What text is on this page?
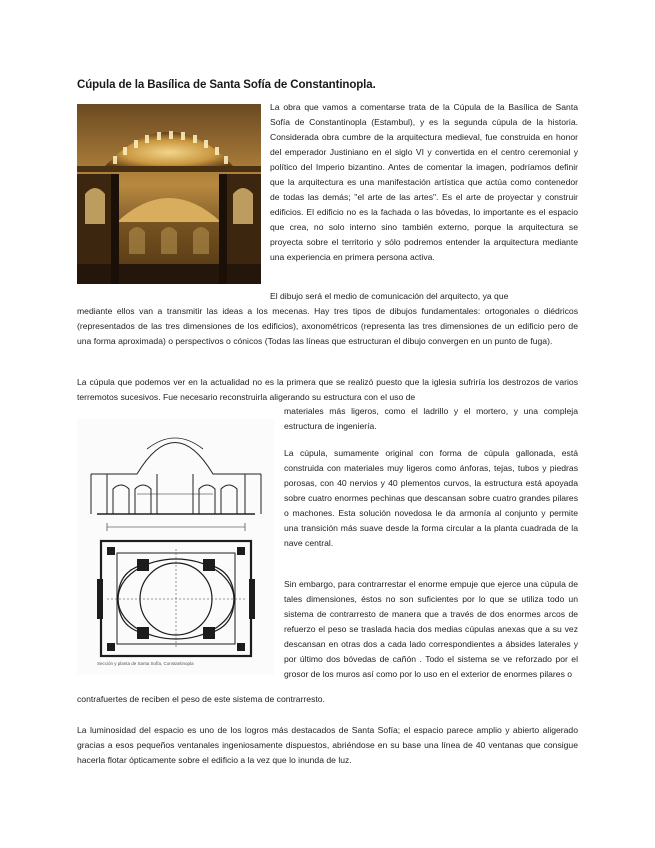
Cúpula de la Basílica de Santa Sofía de Constantinopla.

La obra que vamos a comentarse trata de la Cúpula de la Basílica de Santa Sofía de Constantinopla (Estambul), y es la segunda cúpula de la historia. Considerada obra cumbre de la arquitectura medieval, fue construida en honor del emperador Justiniano en el siglo VI y convertida en el centro ceremonial y político del Imperio bizantino. Antes de comentar la imagen, podríamos definir que la arquitectura es una manifestación artística que actúa como contenedor de todas las demás; "el arte de las artes". Es el arte de proyectar y construir edificios. El edificio no es la fachada o las bóvedas, lo importante es el espacio que crea, no solo interno sino también externo, porque la arquitectura se proyecta sobre el territorio y sólo podremos entender la arquitectura mediante una experiencia en primera persona activa.

El dibujo será el medio de comunicación del arquitecto, ya que

mediante ellos van a transmitir las ideas a los mecenas. Hay tres tipos de dibujos fundamentales: ortogonales o diédricos (representados de las tres dimensiones de los edificios), axonométricos (representa las tres dimensiones de un edificio pero de una forma aproximada) o perspectivos o cónicos (Todas las líneas que estructuran el dibujo convergen en un punto de fuga).

La cúpula que podemos ver en la actualidad no es la primera que se realizó puesto que la iglesia sufriría los destrozos de varios terremotos sucesivos. Fue necesario reconstruirla aligerando su estructura con el uso de

materiales más ligeros, como el ladrillo y el mortero, y una compleja estructura de ingeniería.

Sección y planta de Santa Sofía, Constantinopla

La cúpula, sumamente original con forma de cúpula gallonada, está construida con materiales muy ligeros como ánforas, tejas, tubos y piedras porosas, con 40 nervios y 40 plementos curvos, la estructura está apoyada sobre cuatro enormes pechinas que descansan sobre cuatro grandes pilares o machones. Esta solución novedosa le da armonía al conjunto y permite una transición más suave desde la forma circular a la planta cuadrada de la nave central.

Sin embargo, para contrarrestar el enorme empuje que ejerce una cúpula de tales dimensiones, éstos no son suficientes por lo que se utiliza todo un sistema de contrarresto de manera que a través de dos enormes arcos de refuerzo el peso se traslada hacia dos medias cúpulas anexas que a su vez descansan en otras dos a cada lado correspondientes a ábsides laterales y por último dos bóvedas de cañón . Todo el sistema se ve reforzado por el grosor de los muros así como por lo uso en el exterior de enormes pilares o

contrafuertes de reciben el peso de este sistema de contrarresto.

La luminosidad del espacio es uno de los logros más destacados de Santa Sofía; el espacio parece amplio y abierto aligerado gracias a esos pequeños ventanales ingeniosamente dispuestos, abriéndose en su base una línea de 40 ventanas que consigue hacerla flotar ópticamente sobre el edificio a la vez que lo inunda de luz.
